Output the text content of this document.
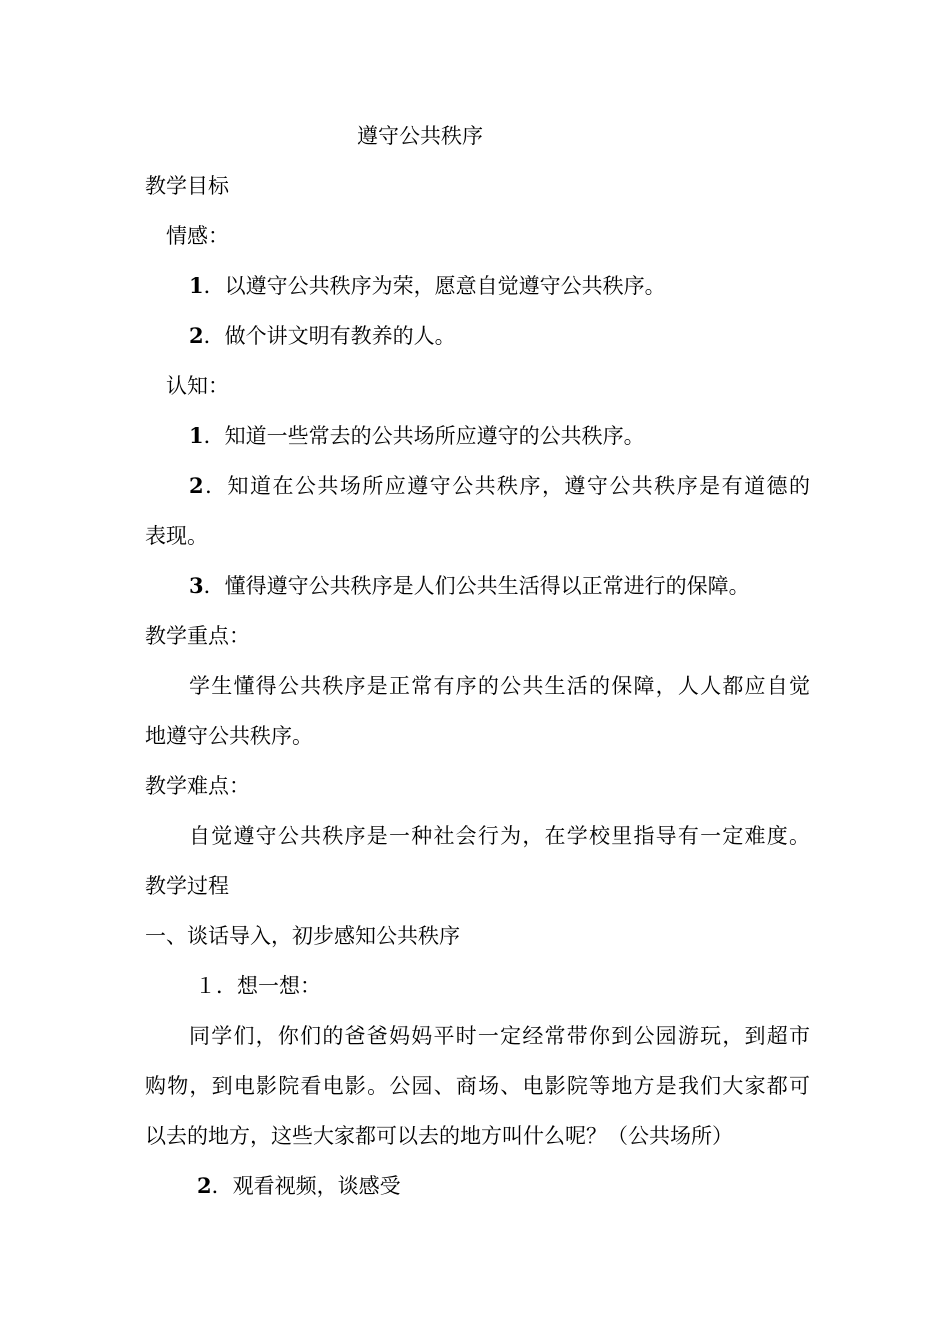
遵守公共秩序
教学目标
情感：
1．以遵守公共秩序为荣，愿意自觉遵守公共秩序。
2．做个讲文明有教养的人。
认知：
1．知道一些常去的公共场所应遵守的公共秩序。
2．知道在公共场所应遵守公共秩序，遵守公共秩序是有道德的
表现。
3．懂得遵守公共秩序是人们公共生活得以正常进行的保障。
教学重点：
学生懂得公共秩序是正常有序的公共生活的保障，人人都应自觉
地遵守公共秩序。
教学难点：
自觉遵守公共秩序是一种社会行为，在学校里指导有一定难度。
教学过程
一、谈话导入，初步感知公共秩序
１．想一想：
同学们，你们的爸爸妈妈平时一定经常带你到公园游玩，到超市
购物，到电影院看电影。公园、商场、电影院等地方是我们大家都可
以去的地方，这些大家都可以去的地方叫什么呢？（公共场所）
2．观看视频，谈感受
